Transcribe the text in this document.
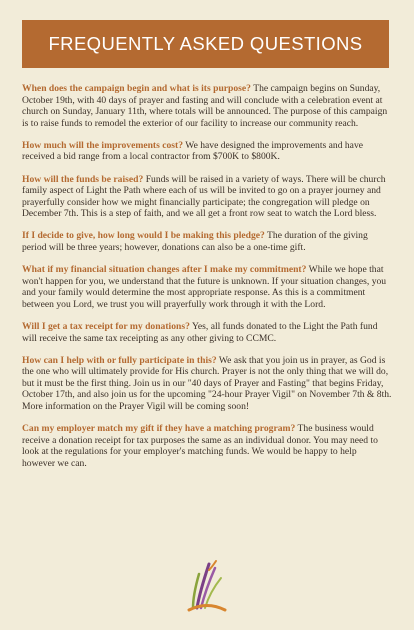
FREQUENTLY ASKED QUESTIONS

When does the campaign begin and what is its purpose? The campaign begins on Sunday, October 19th, with 40 days of prayer and fasting and will conclude with a celebration event at church on Sunday, January 11th, where totals will be announced. The purpose of this campaign is to raise funds to remodel the exterior of our facility to increase our community reach.

How much will the improvements cost? We have designed the improvements and have received a bid range from a local contractor from $700K to $800K.

How will the funds be raised? Funds will be raised in a variety of ways. There will be church family aspect of Light the Path where each of us will be invited to go on a prayer journey and prayerfully consider how we might financially participate; the congregation will pledge on December 7th. This is a step of faith, and we all get a front row seat to watch the Lord bless.

If I decide to give, how long would I be making this pledge? The duration of the giving period will be three years; however, donations can also be a one-time gift.

What if my financial situation changes after I make my commitment? While we hope that won't happen for you, we understand that the future is unknown. If your situation changes, you and your family would determine the most appropriate response. As this is a commitment between you Lord, we trust you will prayerfully work through it with the Lord.

Will I get a tax receipt for my donations? Yes, all funds donated to the Light the Path fund will receive the same tax receipting as any other giving to CCMC.

How can I help with or fully participate in this? We ask that you join us in prayer, as God is the one who will ultimately provide for His church. Prayer is not the only thing that we will do, but it must be the first thing. Join us in our "40 days of Prayer and Fasting" that begins Friday, October 17th, and also join us for the upcoming "24-hour Prayer Vigil" on November 7th & 8th. More information on the Prayer Vigil will be coming soon!

Can my employer match my gift if they have a matching program? The business would receive a donation receipt for tax purposes the same as an individual donor. You may need to look at the regulations for your employer's matching funds. We would be happy to help however we can.
